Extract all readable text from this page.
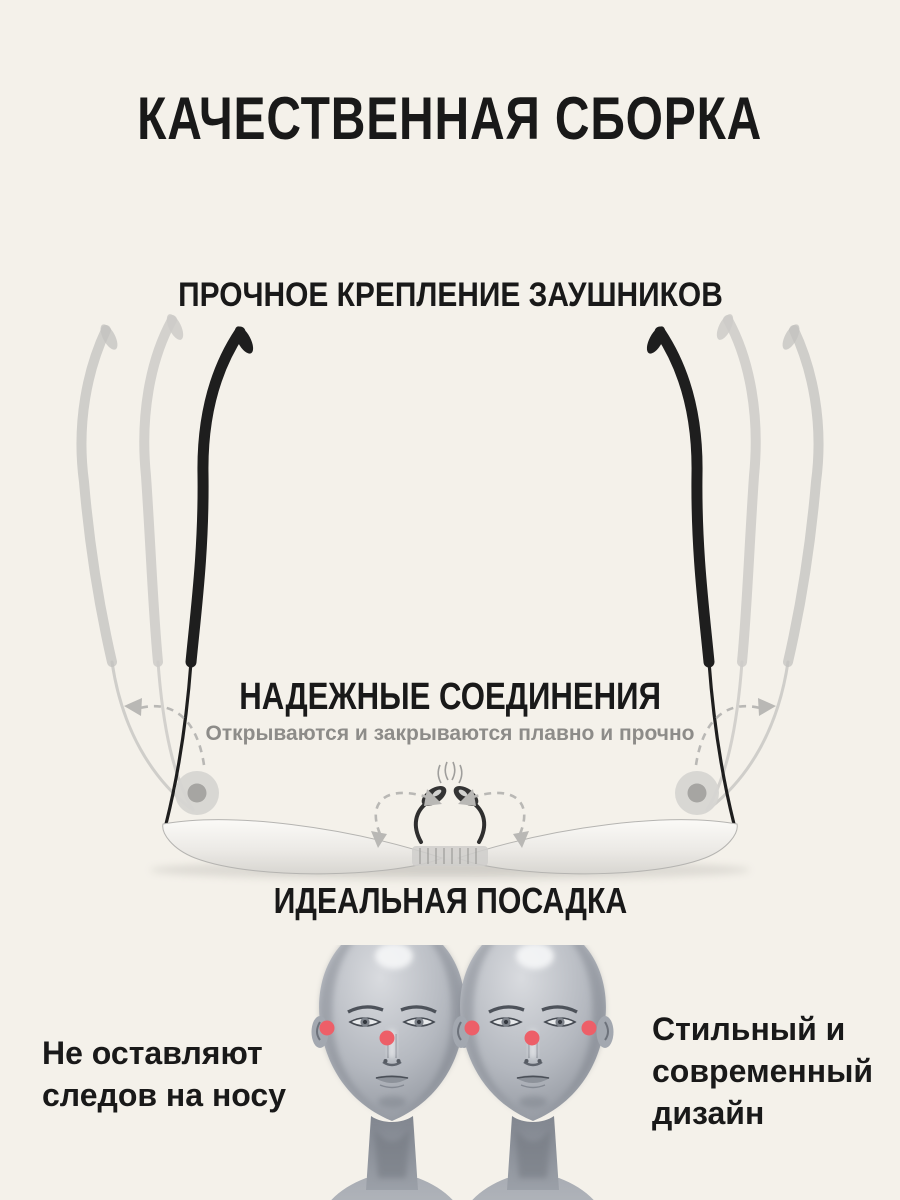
КАЧЕСТВЕННАЯ СБОРКА
ПРОЧНОЕ КРЕПЛЕНИЕ ЗАУШНИКОВ
НАДЕЖНЫЕ СОЕДИНЕНИЯ
Открываются и закрываются плавно и прочно
ИДЕАЛЬНАЯ ПОСАДКА
Не оставляют
следов на носу
Стильный и
современный
дизайн
